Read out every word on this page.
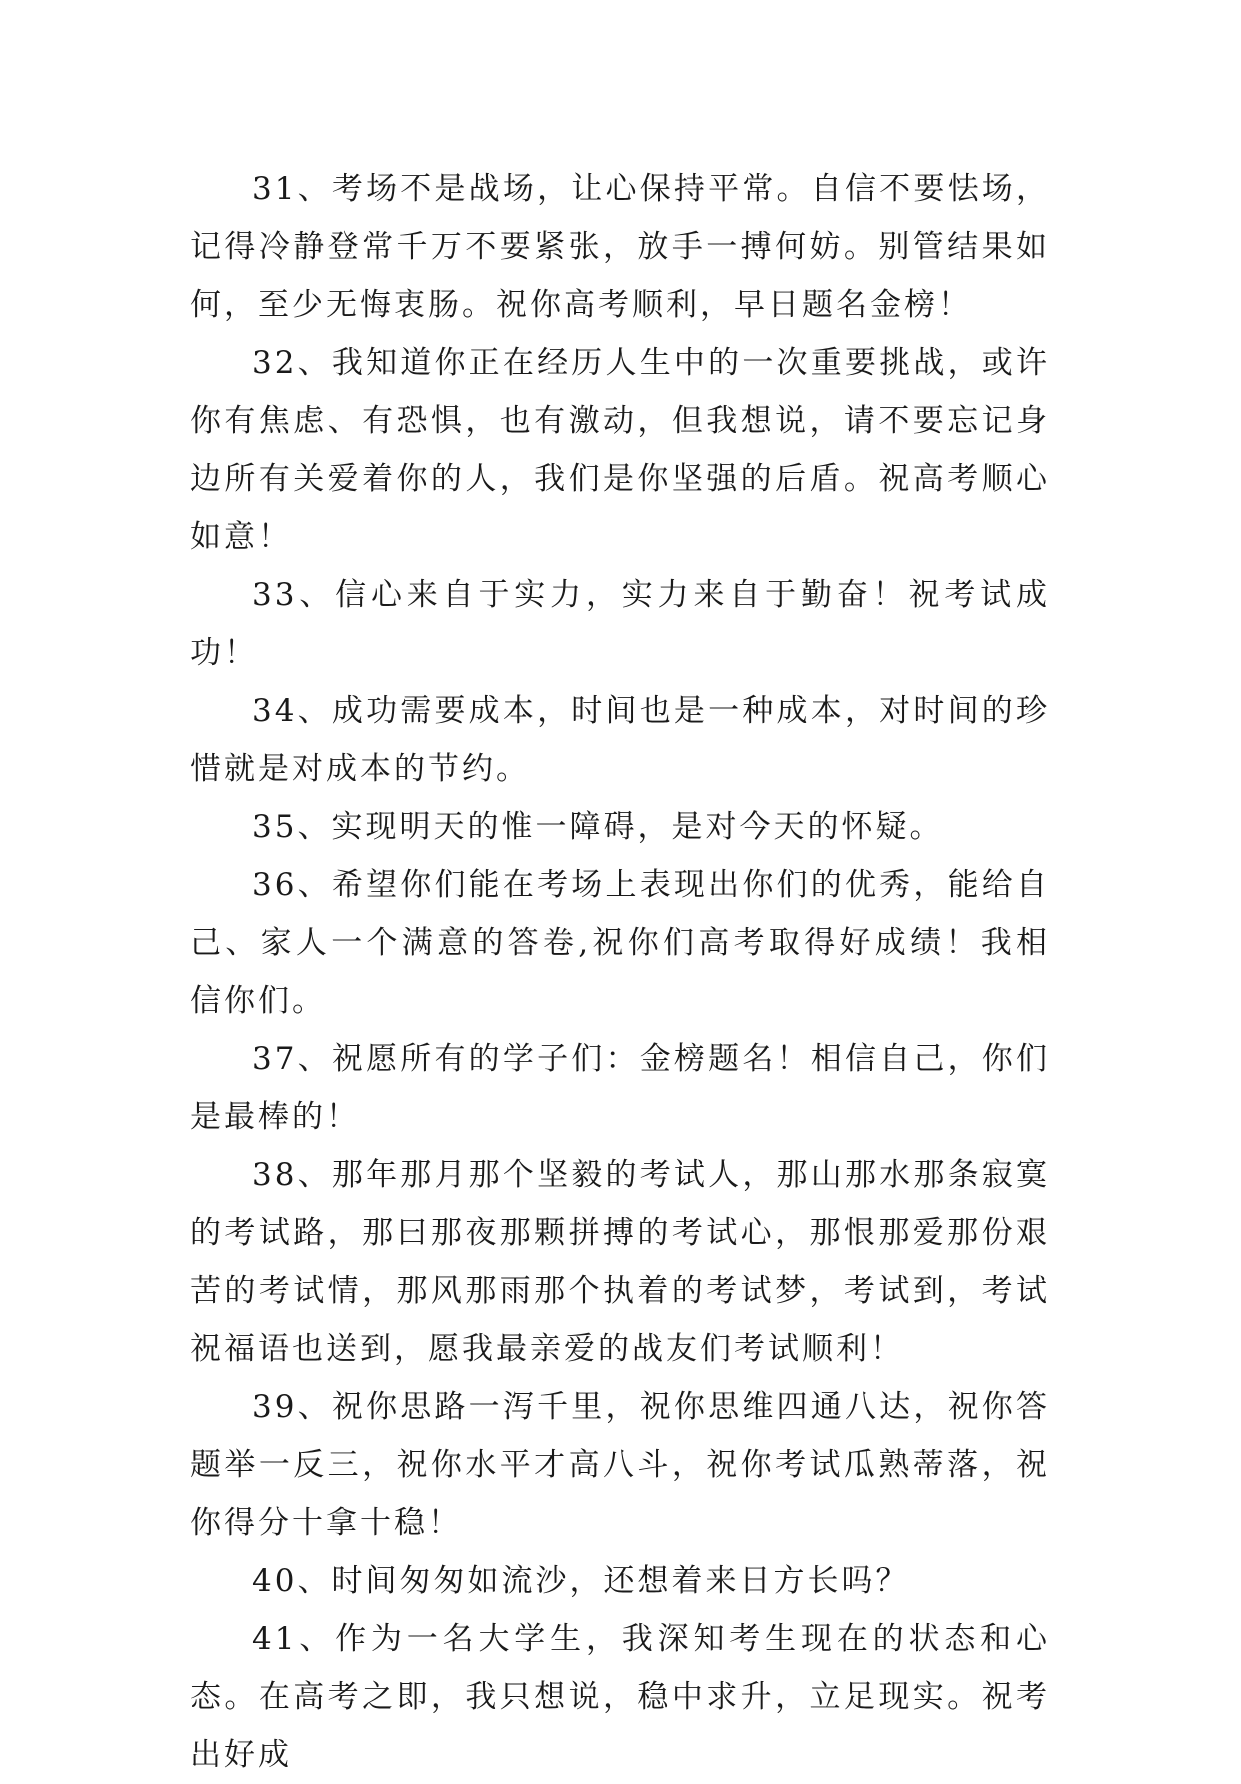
31、考场不是战场，让心保持平常。自信不要怯场，记得冷静登常千万不要紧张，放手一搏何妨。别管结果如何，至少无悔衷肠。祝你高考顺利，早日题名金榜！

32、我知道你正在经历人生中的一次重要挑战，或许你有焦虑、有恐惧，也有激动，但我想说，请不要忘记身边所有关爱着你的人，我们是你坚强的后盾。祝高考顺心如意！

33、信心来自于实力，实力来自于勤奋！祝考试成功！

34、成功需要成本，时间也是一种成本，对时间的珍惜就是对成本的节约。

35、实现明天的惟一障碍，是对今天的怀疑。

36、希望你们能在考场上表现出你们的优秀，能给自己、家人一个满意的答卷,祝你们高考取得好成绩！我相信你们。

37、祝愿所有的学子们：金榜题名！相信自己，你们是最棒的！

38、那年那月那个坚毅的考试人，那山那水那条寂寞的考试路，那曰那夜那颗拼搏的考试心，那恨那爱那份艰苦的考试情，那风那雨那个执着的考试梦，考试到，考试祝福语也送到，愿我最亲爱的战友们考试顺利！

39、祝你思路一泻千里，祝你思维四通八达，祝你答题举一反三，祝你水平才高八斗，祝你考试瓜熟蒂落，祝你得分十拿十稳！

40、时间匆匆如流沙，还想着来日方长吗？

41、作为一名大学生，我深知考生现在的状态和心态。在高考之即，我只想说，稳中求升，立足现实。祝考出好成
